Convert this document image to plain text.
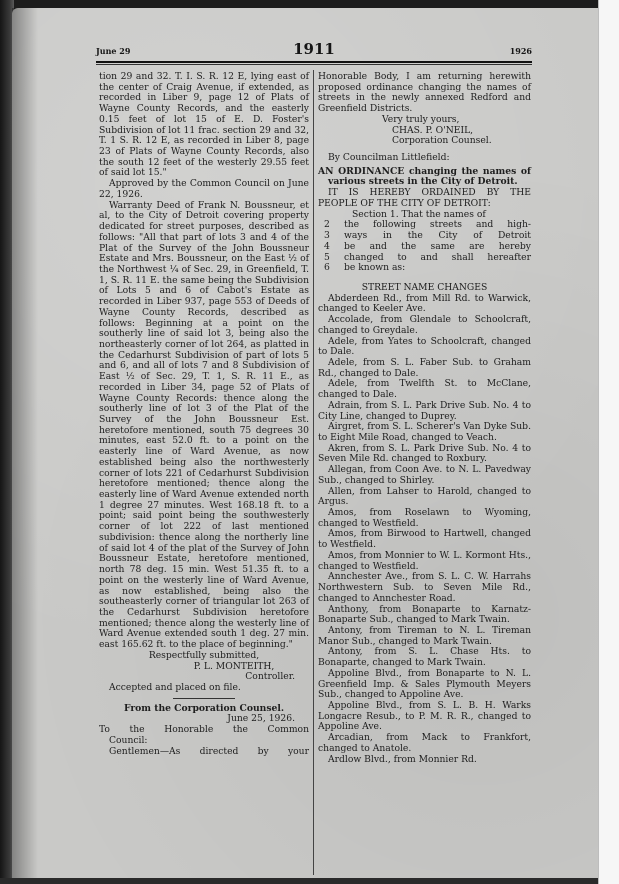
June 29	1911	1926

tion 29 and 32. T. I. S. R. 12 E, lying east of the center of Craig Avenue, if extended, as recorded in Liber 9, page 12 of Plats of Wayne County Records, and the easterly 0.15 feet of lot 15 of E. D. Foster's Subdivision of lot 11 frac. section 29 and 32, T. 1 S. R. 12 E, as recorded in Liber 8, page 23 of Plats of Wayne County Records, also the south 12 feet of the westerly 29.55 feet of said lot 15."

Approved by the Common Council on June 22, 1926.

Warranty Deed of Frank N. Boussneur, et al, to the City of Detroit covering property dedicated for street purposes, described as follows: "All that part of lots 3 and 4 of the Plat of the Survey of the John Boussneur Estate and Mrs. Boussneur, on the East ½ of the Northwest ¼ of Sec. 29, in Greenfield, T. 1, S. R. 11 E. the same being the Subdivision of Lots 5 and 6 of Cabot's Estate as recorded in Liber 937, page 553 of Deeds of Wayne County Records, described as follows: Beginning at a point on the southerly line of said lot 3, being also the northeasterly corner of lot 264, as platted in the Cedarhurst Subdivision of part of lots 5 and 6, and all of lots 7 and 8 Subdivision of East ½ of Sec. 29, T. 1, S. R. 11 E., as recorded in Liber 34, page 52 of Plats of Wayne County Records: thence along the southerly line of lot 3 of the Plat of the Survey of the John Boussneur Est. heretofore mentioned, south 75 degrees 30 minutes, east 52.0 ft. to a point on the easterly line of Ward Avenue, as now established being also the northwesterly corner of lots 221 of Cedarhurst Subdivision heretofore mentioned; thence along the easterly line of Ward Avenue extended north 1 degree 27 minutes. West 168.18 ft. to a point; said point being the southwesterly corner of lot 222 of last mentioned subdivision: thence along the northerly line of said lot 4 of the plat of the Survey of John Boussneur Estate, heretofore mentioned, north 78 deg. 15 min. West 51.35 ft. to a point on the westerly line of Ward Avenue, as now established, being also the southeasterly corner of triangular lot 263 of the Cedarhurst Subdivision heretofore mentioned; thence along the westerly line of Ward Avenue extended south 1 deg. 27 min. east 165.62 ft. to the place of beginning."

Respectfully submitted,

P. L. MONTEITH,

Controller.

Accepted and placed on file.

From the Corporation Counsel.

June 25, 1926.

To the Honorable the Common

Council:

Gentlemen—As directed by your

Honorable Body, I am returning herewith proposed ordinance changing the names of streets in the newly annexed Redford and Greenfield Districts.

Very truly yours,

CHAS. P. O'NEIL,

Corporation Counsel.

By Councilman Littlefield:

AN ORDINANCE changing the names of various streets in the City of Detroit.

IT IS HEREBY ORDAINED BY THE PEOPLE OF THE CITY OF DETROIT:

Section 1. That the names of

2	the following streets and high-
3	ways in the City of Detroit
4	be and the same are hereby
5	changed to and shall hereafter
6	be known as:

STREET NAME CHANGES

Abderdeen Rd., from Mill Rd. to Warwick, changed to Keeler Ave.

Accolade, from Glendale to Schoolcraft, changed to Greydale.

Adele, from Yates to Schoolcraft, changed to Dale.

Adele, from S. L. Faber Sub. to Graham Rd., changed to Dale.

Adele, from Twelfth St. to McClane, changed to Dale.

Adrain, from S. L. Park Drive Sub. No. 4 to City Line, changed to Duprey.

Airgret, from S. L. Scherer's Van Dyke Sub. to Eight Mile Road, changed to Veach.

Akren, from S. L. Park Drive Sub. No. 4 to Seven Mile Rd. changed to Roxbury.

Allegan, from Coon Ave. to N. L. Pavedway Sub., changed to Shirley.

Allen, from Lahser to Harold, changed to Argus.

Amos, from Roselawn to Wyoming, changed to Westfield.

Amos, from Birwood to Hartwell, changed to Westfield.

Amos, from Monnier to W. L. Kormont Hts., changed to Westfield.

Annchester Ave., from S. L. C. W. Harrahs Northwestern Sub. to Seven Mile Rd., changed to Annchester Road.

Anthony, from Bonaparte to Karnatz-Bonaparte Sub., changed to Mark Twain.

Antony, from Tireman to N. L. Tireman Manor Sub., changed to Mark Twain.

Antony, from S. L. Chase Hts. to Bonaparte, changed to Mark Twain.

Appoline Blvd., from Bonaparte to N. L. Greenfield Imp. & Sales Plymouth Meyers Sub., changed to Appoline Ave.

Appoline Blvd., from S. L. B. H. Warks Longacre Resub., to P. M. R. R., changed to Appoline Ave.

Arcadian, from Mack to Frankfort, changed to Anatole.

Ardlow Blvd., from Monnier Rd.
